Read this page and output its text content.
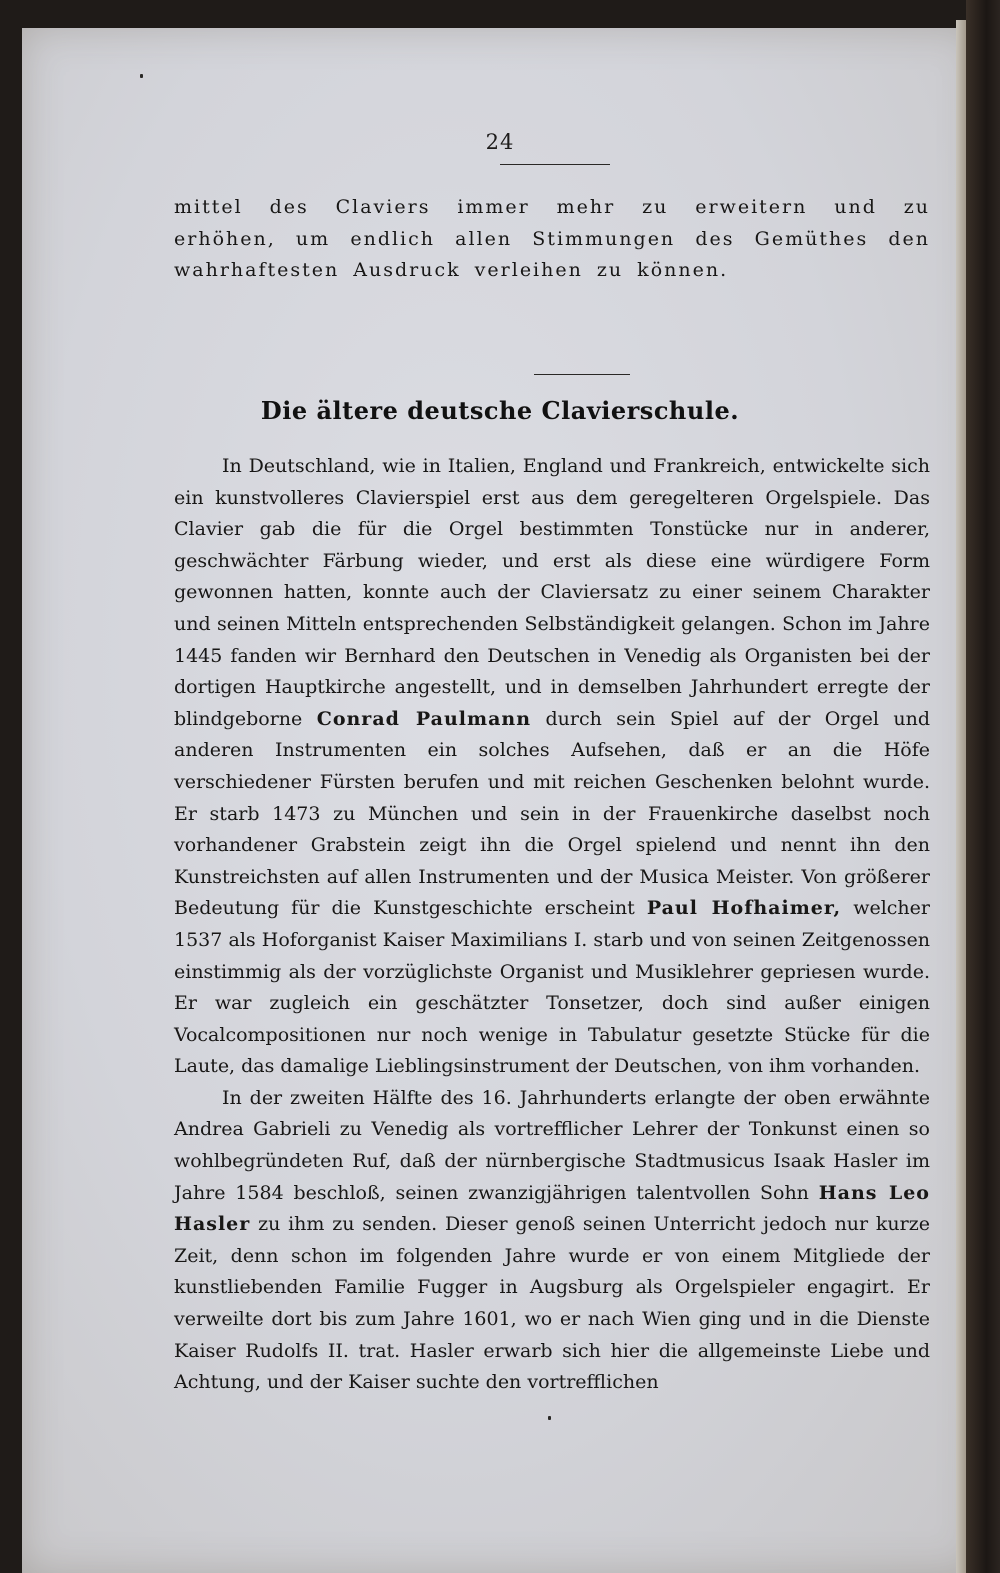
24
mittel des Claviers immer mehr zu erweitern und zu erhöhen, um endlich allen Stimmungen des Gemüthes den wahrhaftesten Ausdruck verleihen zu können.
Die ältere deutsche Clavierschule.

In Deutschland, wie in Italien, England und Frankreich, entwickelte sich ein kunstvolleres Clavierspiel erst aus dem geregelteren Orgelspiele. Das Clavier gab die für die Orgel bestimmten Tonstücke nur in anderer, geschwächter Färbung wieder, und erst als diese eine würdigere Form gewonnen hatten, konnte auch der Claviersatz zu einer seinem Charakter und seinen Mitteln entsprechenden Selbständigkeit gelangen. Schon im Jahre 1445 fanden wir Bernhard den Deutschen in Venedig als Organisten bei der dortigen Hauptkirche angestellt, und in demselben Jahrhundert erregte der blindgeborne Conrad Paulmann durch sein Spiel auf der Orgel und anderen Instrumenten ein solches Aufsehen, daß er an die Höfe verschiedener Fürsten berufen und mit reichen Geschenken belohnt wurde. Er starb 1473 zu München und sein in der Frauenkirche daselbst noch vorhandener Grabstein zeigt ihn die Orgel spielend und nennt ihn den Kunstreichsten auf allen Instrumenten und der Musica Meister. Von größerer Bedeutung für die Kunstgeschichte erscheint Paul Hofhaimer, welcher 1537 als Hoforganist Kaiser Maximilians I. starb und von seinen Zeitgenossen einstimmig als der vorzüglichste Organist und Musiklehrer gepriesen wurde. Er war zugleich ein geschätzter Tonsetzer, doch sind außer einigen Vocalcompositionen nur noch wenige in Tabulatur gesetzte Stücke für die Laute, das damalige Lieblingsinstrument der Deutschen, von ihm vorhanden.

In der zweiten Hälfte des 16. Jahrhunderts erlangte der oben erwähnte Andrea Gabrieli zu Venedig als vortrefflicher Lehrer der Tonkunst einen so wohlbegründeten Ruf, daß der nürnbergische Stadtmusicus Isaak Hasler im Jahre 1584 beschloß, seinen zwanzigjährigen talentvollen Sohn Hans Leo Hasler zu ihm zu senden. Dieser genoß seinen Unterricht jedoch nur kurze Zeit, denn schon im folgenden Jahre wurde er von einem Mitgliede der kunstliebenden Familie Fugger in Augsburg als Orgelspieler engagirt. Er verweilte dort bis zum Jahre 1601, wo er nach Wien ging und in die Dienste Kaiser Rudolfs II. trat. Hasler erwarb sich hier die allgemeinste Liebe und Achtung, und der Kaiser suchte den vortrefflichen
